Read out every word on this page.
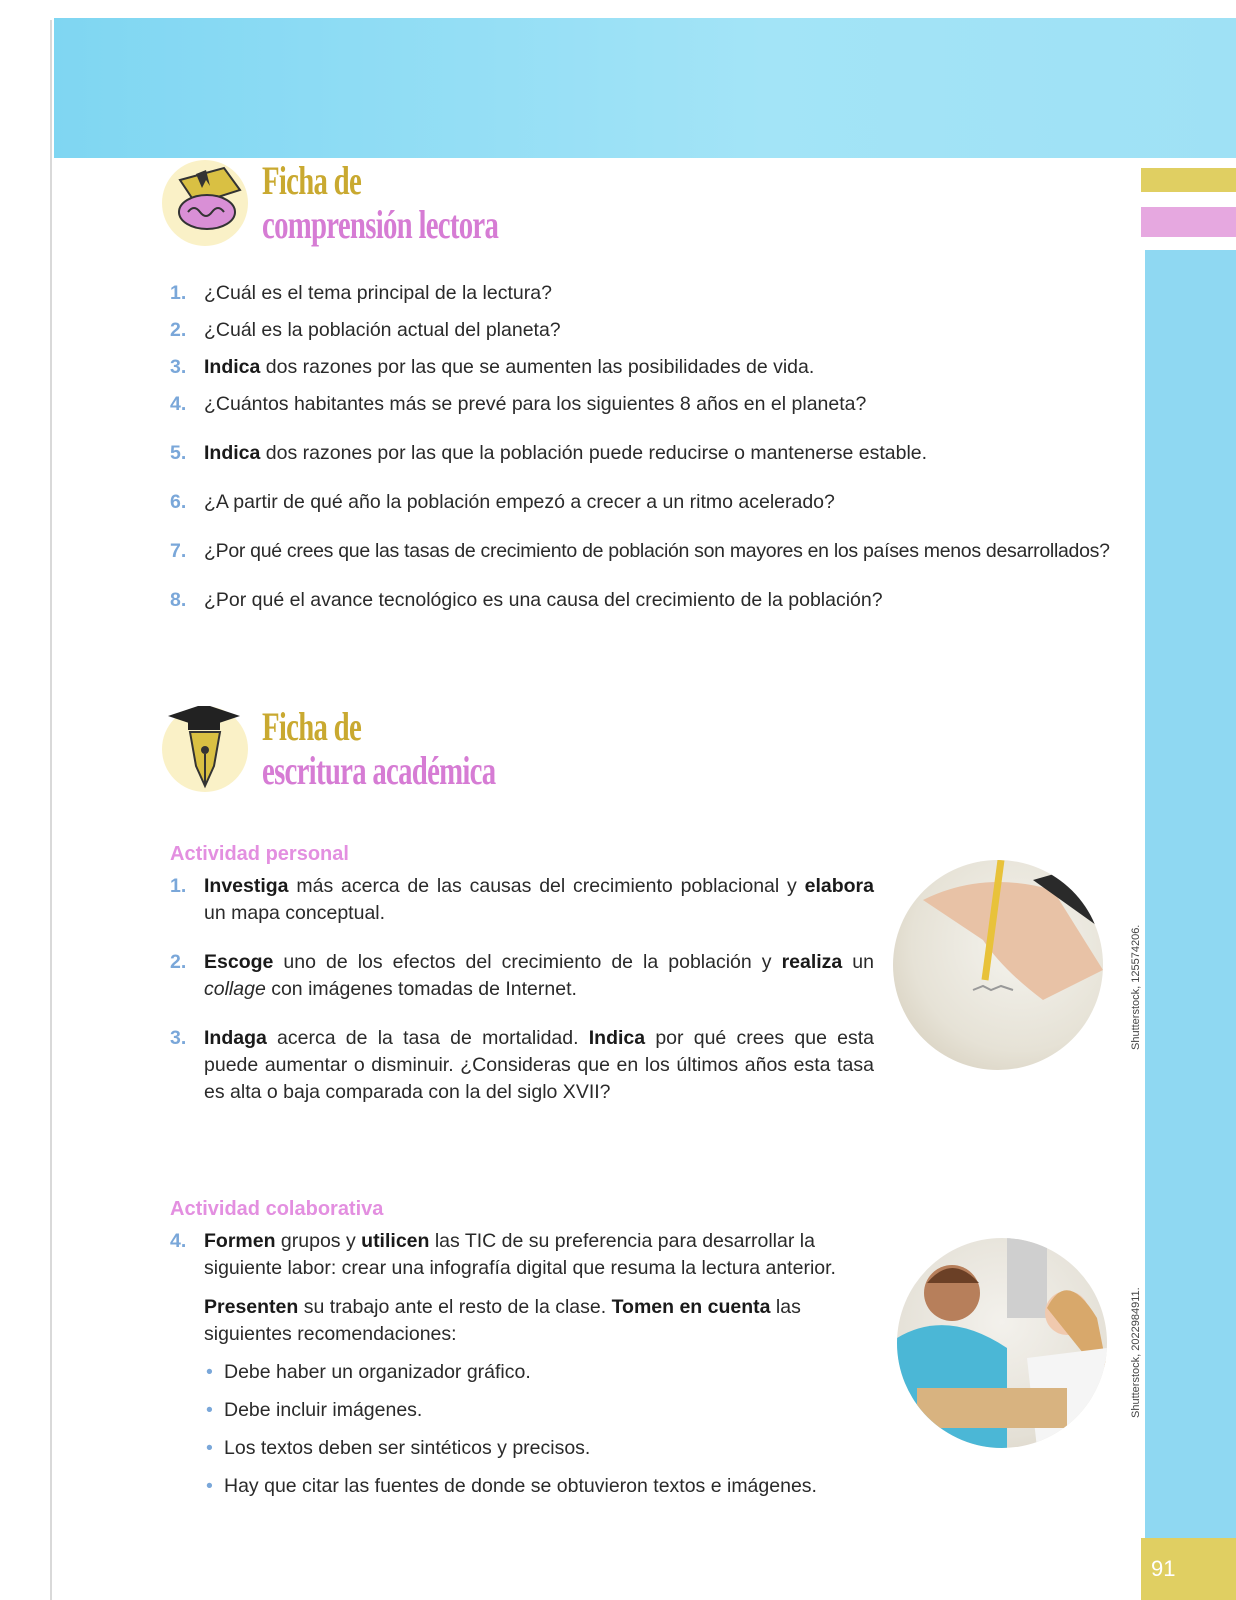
Ficha de
comprensión lectora
1. ¿Cuál es el tema principal de la lectura?
2. ¿Cuál es la población actual del planeta?
3. Indica dos razones por las que se aumenten las posibilidades de vida.
4. ¿Cuántos habitantes más se prevé para los siguientes 8 años en el planeta?
5. Indica dos razones por las que la población puede reducirse o mantenerse estable.
6. ¿A partir de qué año la población empezó a crecer a un ritmo acelerado?
7. ¿Por qué crees que las tasas de crecimiento de población son mayores en los países menos desarrollados?
8. ¿Por qué el avance tecnológico es una causa del crecimiento de la población?
Ficha de
escritura académica
Actividad personal
1. Investiga más acerca de las causas del crecimiento poblacional y elabora un mapa conceptual.
2. Escoge uno de los efectos del crecimiento de la población y realiza un collage con imágenes tomadas de Internet.
3. Indaga acerca de la tasa de mortalidad. Indica por qué crees que esta puede aumentar o disminuir. ¿Consideras que en los últimos años esta tasa es alta o baja comparada con la del siglo XVII?
Shutterstock, 125574206.
Actividad colaborativa
4. Formen grupos y utilicen las TIC de su preferencia para desarrollar la siguiente labor: crear una infografía digital que resuma la lectura anterior.
Presenten su trabajo ante el resto de la clase. Tomen en cuenta las siguientes recomendaciones:
• Debe haber un organizador gráfico.
• Debe incluir imágenes.
• Los textos deben ser sintéticos y precisos.
• Hay que citar las fuentes de donde se obtuvieron textos e imágenes.
Shutterstock, 2022984911.
91
